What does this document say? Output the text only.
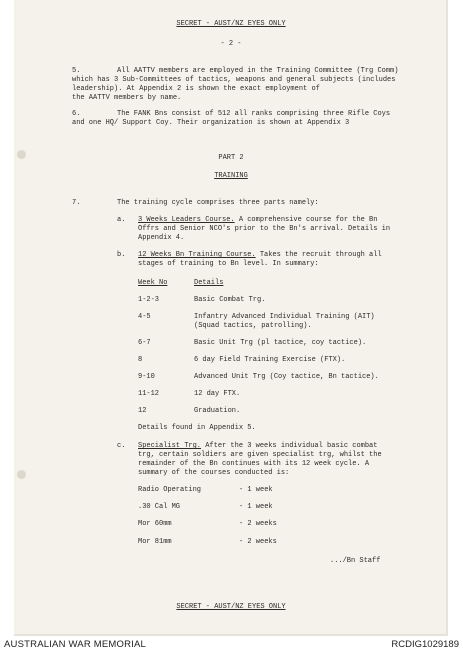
SECRET - AUST/NZ EYES ONLY
- 2 -
5.	All AATTV members are employed in the Training Committee (Trg Comm)
which has 3 Sub-Committees of tactics, weapons and general subjects (includes
leadership). At Appendix 2 is shown the exact employment of
the AATTV members by name.
6.	The FANK Bns consist of 512 all ranks comprising three Rifle Coys
and one HQ/ Support Coy. Their organization is shown at Appendix 3
PART 2
TRAINING
7.	The training cycle comprises three parts namely:
a. 3 Weeks Leaders Course. A comprehensive course for the Bn
Offrs and Senior NCO's prior to the Bn's arrival. Details in
Appendix 4.
b. 12 Weeks Bn Training Course. Takes the recruit through all
stages of training to Bn level. In summary:
Week No	Details
1-2-3	Basic Combat Trg.
4-5	Infantry Advanced Individual Training (AIT)
(Squad tactics, patrolling).
6-7	Basic Unit Trg (pl tactice, coy tactice).
8	6 day Field Training Exercise (FTX).
9-10	Advanced Unit Trg (Coy tactice, Bn tactice).
11-12	12 day FTX.
12	Graduation.
Details found in Appendix 5.
c. Specialist Trg. After the 3 weeks individual basic combat
trg, certain soldiers are given specialist trg, whilst the
remainder of the Bn continues with its 12 week cycle. A
summary of the courses conducted is:
Radio Operating	- 1 week
.30 Cal MG	- 1 week
Mor 60mm	- 2 weeks
Mor 81mm	- 2 weeks
.../Bn Staff
SECRET - AUST/NZ EYES ONLY
AUSTRALIAN WAR MEMORIAL	RCDIG1029189
